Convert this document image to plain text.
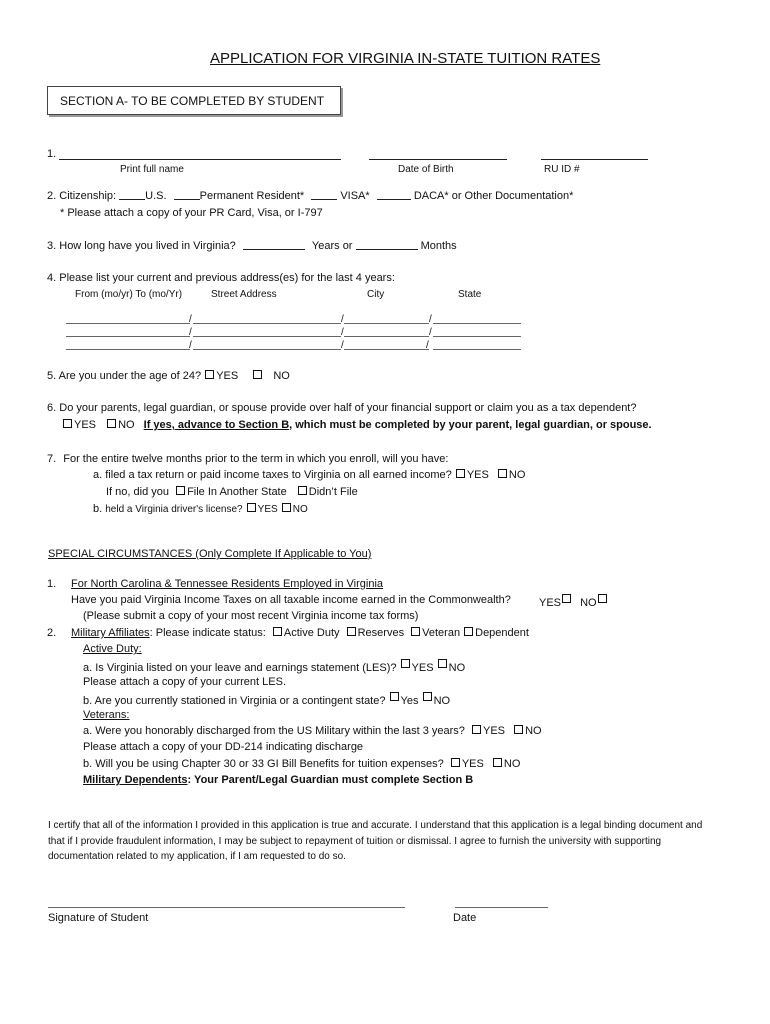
APPLICATION FOR VIRGINIA IN-STATE TUITION RATES
SECTION A- TO BE COMPLETED BY STUDENT
1.
Print full name	Date of Birth	RU ID #
2. Citizenship:	U.S.	Permanent Resident*	VISA*	DACA* or Other Documentation*
* Please attach a copy of your PR Card, Visa, or I-797
3. How long have you lived in Virginia?	Years or	Months
4. Please list your current and previous address(es) for the last 4 years:
From (mo/yr) To (mo/Yr)	Street Address	City	State
5. Are you under the age of 24? YES	NO
6. Do your parents, legal guardian, or spouse provide over half of your financial support or claim you as a tax dependent?
YES NO If yes, advance to Section B, which must be completed by your parent, legal guardian, or spouse.
7. For the entire twelve months prior to the term in which you enroll, will you have:
a. filed a tax return or paid income taxes to Virginia on all earned income? YES NO
If no, did you File In Another State Didn’t File
b. held a Virginia driver's license? YES NO
SPECIAL CIRCUMSTANCES (Only Complete If Applicable to You)
1. For North Carolina & Tennessee Residents Employed in Virginia
Have you paid Virginia Income Taxes on all taxable income earned in the Commonwealth?	YES NO
(Please submit a copy of your most recent Virginia income tax forms)
2. Military Affiliates: Please indicate status: Active Duty Reserves Veteran Dependent
Active Duty:
a. Is Virginia listed on your leave and earnings statement (LES)? YES NO
Please attach a copy of your current LES.
b. Are you currently stationed in Virginia or a contingent state? Yes NO
Veterans:
a. Were you honorably discharged from the US Military within the last 3 years? YES NO
Please attach a copy of your DD-214 indicating discharge
b. Will you be using Chapter 30 or 33 GI Bill Benefits for tuition expenses? YES NO
Military Dependents: Your Parent/Legal Guardian must complete Section B
I certify that all of the information I provided in this application is true and accurate. I understand that this application is a legal binding document and
that if I provide fraudulent information, I may be subject to repayment of tuition or dismissal. I agree to furnish the university with supporting
documentation related to my application, if I am requested to do so.
Signature of Student	Date
/	/	/
/	/	/
/	/	/
